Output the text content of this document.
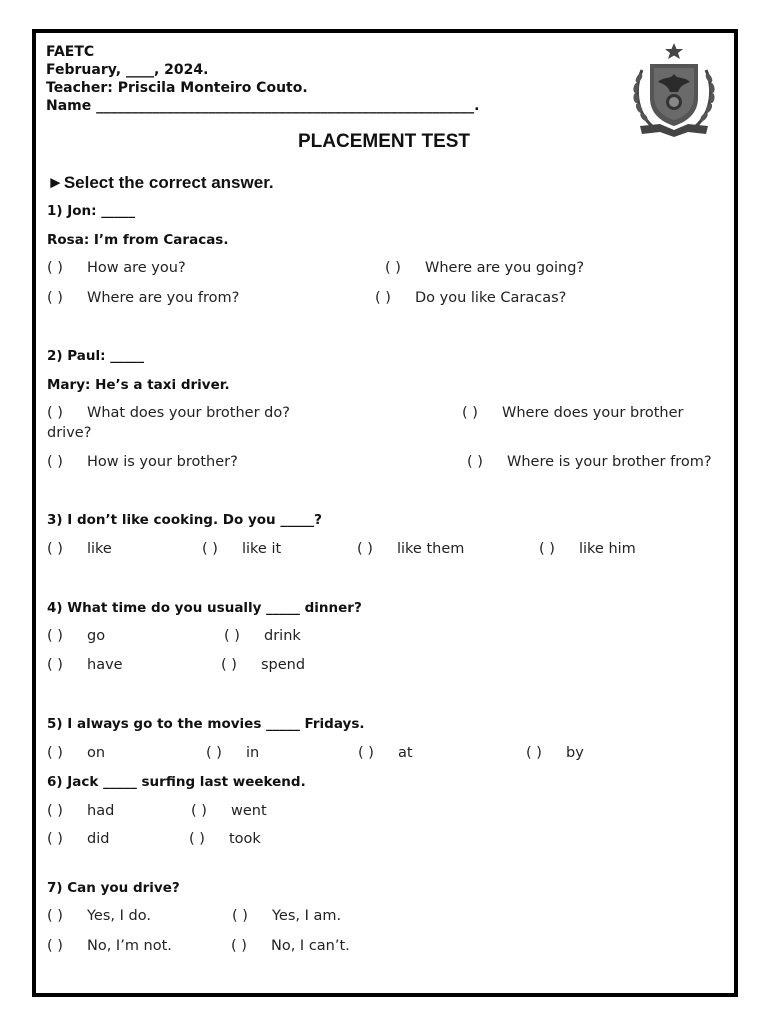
FAETC
February, ____, 2024.
Teacher: Priscila Monteiro Couto.
Name ______________________________________________________.
PLACEMENT TEST
►Select the correct answer.
1) Jon: _____
Rosa: I’m from Caracas.
( ) How are you?	( ) Where are you going?
( ) Where are you from?	( ) Do you like Caracas?
2) Paul: _____
Mary: He’s a taxi driver.
( ) What does your brother do?	( ) Where does your brother
drive?
( ) How is your brother?	( ) Where is your brother from?
3) I don’t like cooking. Do you _____?
( ) like	( ) like it	( ) like them	( ) like him
4) What time do you usually _____ dinner?
( ) go	( ) drink
( ) have	( ) spend
5) I always go to the movies _____ Fridays.
( ) on	( ) in	( ) at	( ) by
6) Jack _____ surfing last weekend.
( ) had	( ) went
( ) did	( ) took
7) Can you drive?
( ) Yes, I do.	( ) Yes, I am.
( ) No, I’m not.	( ) No, I can’t.
